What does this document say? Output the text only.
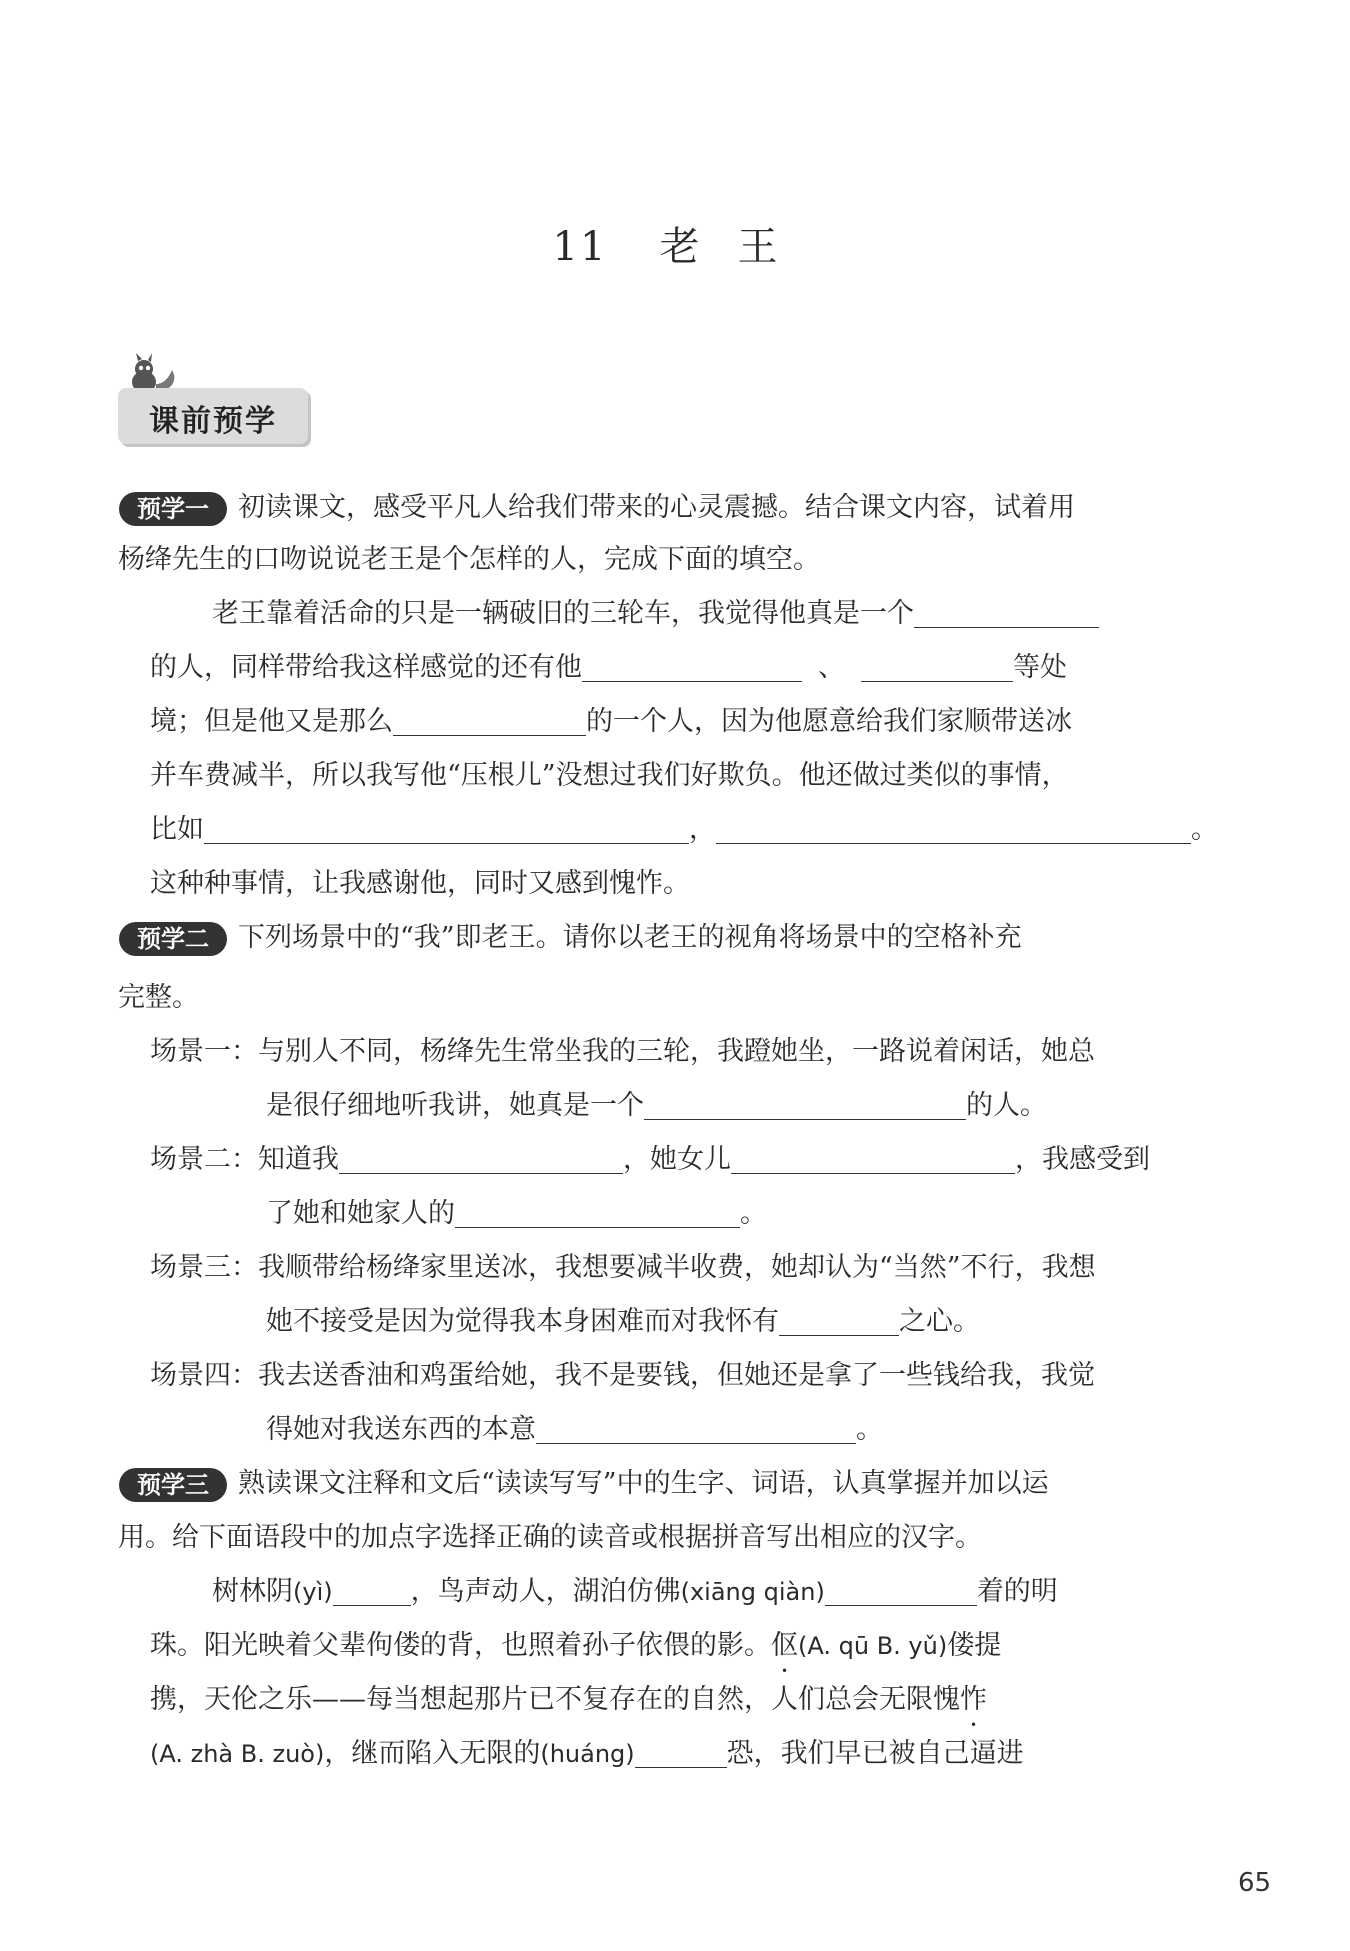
11 老 王
课前预学
预学一 初读课文，感受平凡人给我们带来的心灵震撼。结合课文内容，试着用
杨绛先生的口吻说说老王是个怎样的人，完成下面的填空。
老王靠着活命的只是一辆破旧的三轮车，我觉得他真是一个
的人，同样带给我这样感觉的还有他	、	等处
境；但是他又是那么	的一个人，因为他愿意给我们家顺带送冰
并车费减半，所以我写他“压根儿”没想过我们好欺负。他还做过类似的事情，
比如	，	。
这种种事情，让我感谢他，同时又感到愧怍。
预学二 下列场景中的“我”即老王。请你以老王的视角将场景中的空格补充
完整。
场景一：与别人不同，杨绛先生常坐我的三轮，我蹬她坐，一路说着闲话，她总
是很仔细地听我讲，她真是一个	的人。
场景二：知道我	，她女儿	，我感受到
了她和她家人的	。
场景三：我顺带给杨绛家里送冰，我想要减半收费，她却认为“当然”不行，我想
她不接受是因为觉得我本身困难而对我怀有	之心。
场景四：我去送香油和鸡蛋给她，我不是要钱，但她还是拿了一些钱给我，我觉
得她对我送东西的本意	。
预学三 熟读课文注释和文后“读读写写”中的生字、词语，认真掌握并加以运
用。给下面语段中的加点字选择正确的读音或根据拼音写出相应的汉字。
树林阴(yì)	，鸟声动人，湖泊仿佛(xiāng qiàn)	着的明
珠。阳光映着父辈佝偻的背，也照着孙子依偎的影。伛(A. qū B. yǔ)偻提
携，天伦之乐——每当想起那片已不复存在的自然，人们总会无限愧怍
(A. zhà B. zuò)，继而陷入无限的(huáng)	恐，我们早已被自己逼进
65
